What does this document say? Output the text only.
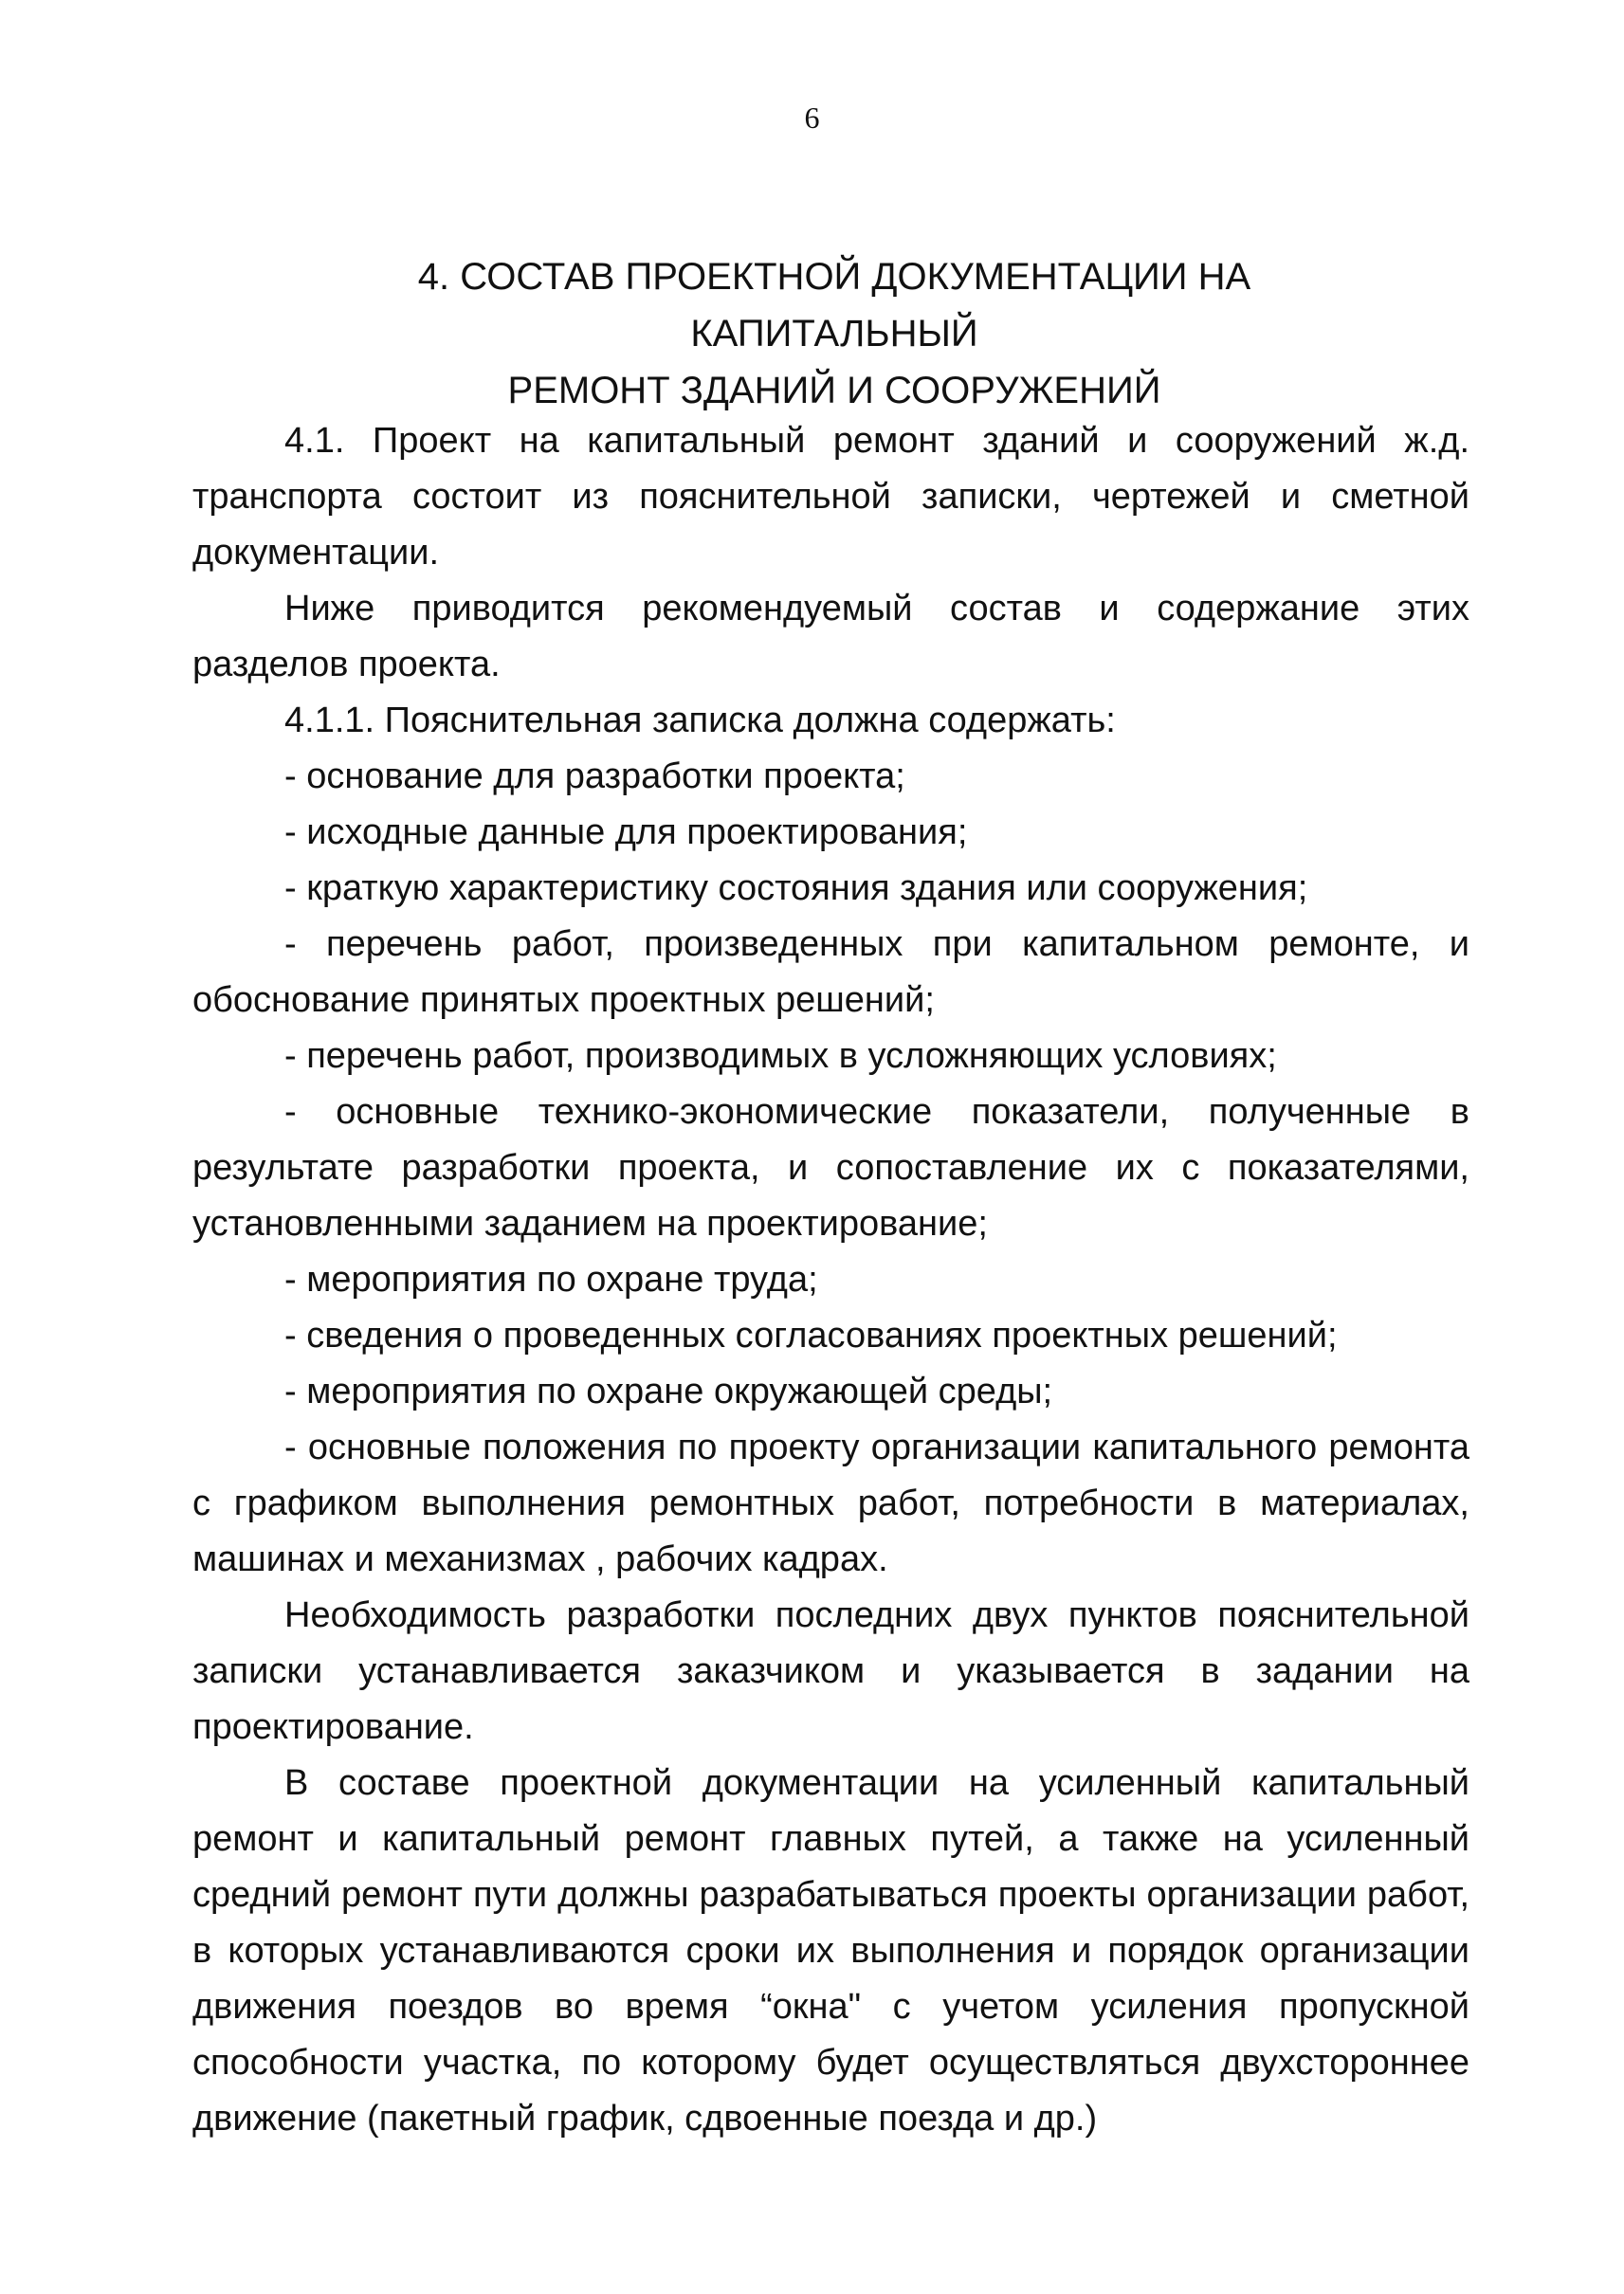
6
4. СОСТАВ ПРОЕКТНОЙ ДОКУМЕНТАЦИИ НА КАПИТАЛЬНЫЙ
РЕМОНТ ЗДАНИЙ И СООРУЖЕНИЙ

4.1. Проект на капитальный ремонт зданий и сооружений ж.д. транспорта состоит из пояснительной записки, чертежей и сметной документации.

Ниже приводится рекомендуемый состав и содержание этих разделов проекта.

4.1.1. Пояснительная записка должна содержать:

- основание для разработки проекта;

- исходные данные для проектирования;

- краткую характеристику состояния здания или сооружения;

- перечень работ, произведенных при капитальном ремонте, и обоснование принятых проектных решений;

- перечень работ, производимых в усложняющих условиях;

- основные технико-экономические показатели, полученные в результате разработки проекта, и сопоставление их с показателями, установленными заданием на проектирование;

- мероприятия по охране труда;

- сведения о проведенных согласованиях проектных решений;

- мероприятия по охране окружающей среды;

- основные положения по проекту организации капитального ремонта с графиком выполнения ремонтных работ, потребности в материалах, машинах и механизмах , рабочих кадрах.

Необходимость разработки последних двух пунктов пояснительной записки устанавливается заказчиком и указывается в задании на проектирование.

В составе проектной документации на усиленный капитальный ремонт и капитальный ремонт главных путей, а также на усиленный средний ремонт пути должны разрабатываться проекты организации работ, в которых устанавливаются сроки их выполнения и порядок организации движения поездов во время “окна" с учетом усиления пропускной способности участка, по которому будет осуществляться двухстороннее движение (пакетный график, сдвоенные поезда и др.)
